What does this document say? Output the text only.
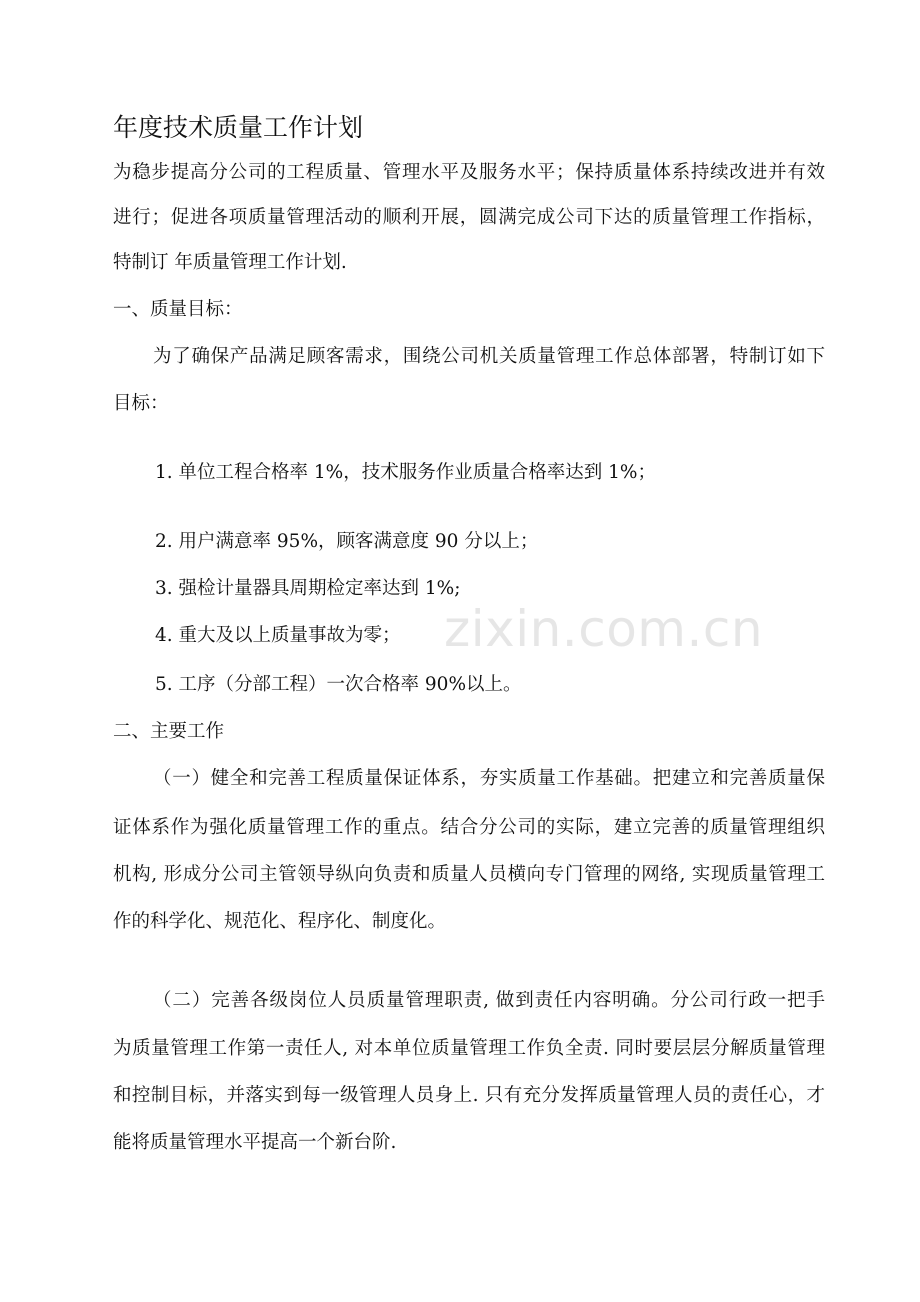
年度技术质量工作计划
为稳步提高分公司的工程质量、管理水平及服务水平；保持质量体系持续改进并有效
进行；促进各项质量管理活动的顺利开展，圆满完成公司下达的质量管理工作指标，
特制订 年质量管理工作计划.
一、质量目标：
为了确保产品满足顾客需求，围绕公司机关质量管理工作总体部署，特制订如下
目标：
1. 单位工程合格率 1%，技术服务作业质量合格率达到 1%；
2. 用户满意率 95%，顾客满意度 90 分以上；
3. 强检计量器具周期检定率达到 1%;
4. 重大及以上质量事故为零；
5. 工序（分部工程）一次合格率 90%以上。
二、主要工作
（一）健全和完善工程质量保证体系，夯实质量工作基础。把建立和完善质量保
证体系作为强化质量管理工作的重点。结合分公司的实际，建立完善的质量管理组织
机构, 形成分公司主管领导纵向负责和质量人员横向专门管理的网络, 实现质量管理工
作的科学化、规范化、程序化、制度化。
（二）完善各级岗位人员质量管理职责, 做到责任内容明确。分公司行政一把手
为质量管理工作第一责任人, 对本单位质量管理工作负全责. 同时要层层分解质量管理
和控制目标，并落实到每一级管理人员身上. 只有充分发挥质量管理人员的责任心，才
能将质量管理水平提高一个新台阶.
zixin.com.cn
